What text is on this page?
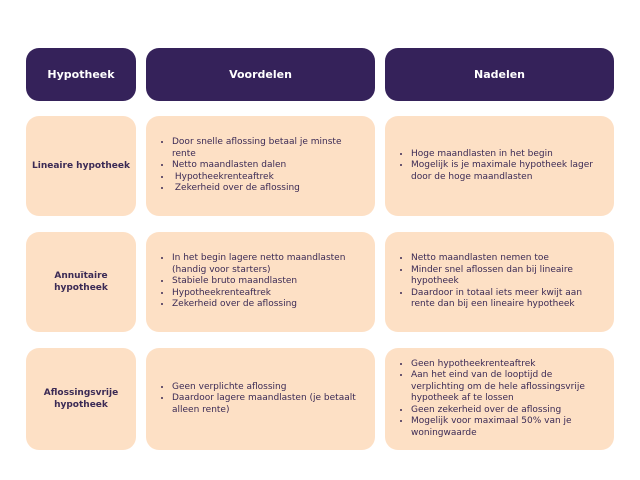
Hypotheek	Voordelen	Nadelen
Lineaire hypotheek
• Door snelle aflossing betaal je minste rente
• Netto maandlasten dalen
•  Hypotheekrenteaftrek
•  Zekerheid over de aflossing
• Hoge maandlasten in het begin
• Mogelijk is je maximale hypotheek lager door de hoge maandlasten
Annuïtaire hypotheek
• In het begin lagere netto maandlasten (handig voor starters)
• Stabiele bruto maandlasten
• Hypotheekrenteaftrek
• Zekerheid over de aflossing
• Netto maandlasten nemen toe
• Minder snel aflossen dan bij lineaire hypotheek
• Daardoor in totaal iets meer kwijt aan rente dan bij een lineaire hypotheek
Aflossingsvrije hypotheek
• Geen verplichte aflossing
• Daardoor lagere maandlasten (je betaalt alleen rente)
• Geen hypotheekrenteaftrek
• Aan het eind van de looptijd de verplichting om de hele aflossingsvrije hypotheek af te lossen
• Geen zekerheid over de aflossing
• Mogelijk voor maximaal 50% van je woningwaarde
